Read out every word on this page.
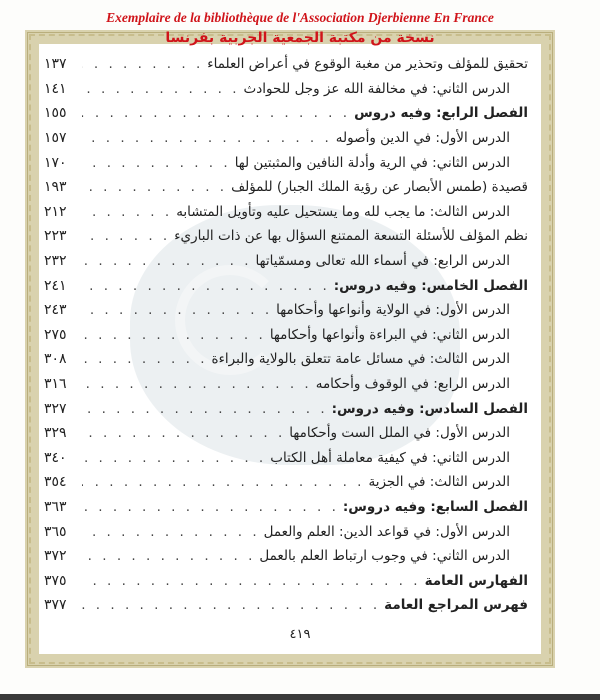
Exemplaire de la bibliothèque de l'Association Djerbienne En France
نسخة من مكتبة الجمعية الجربية بفرنسا
تحقيق للمؤلف وتحذير من مغبة الوقوع في أعراض العلماء
. . .
١٣٧
الدرس الثاني: في مخالفة الله عز وجل للحوادث
. . .
١٤١
الفصل الرابع: وفيه دروس
. . .
١٥٥
الدرس الأول: في الدين وأصوله
. . .
١٥٧
الدرس الثاني: في الرية وأدلة النافين والمثبتين لها
. . .
١٧٠
قصيدة (طمس الأبصار عن رؤية الملك الجبار) للمؤلف
. . .
١٩٣
الدرس الثالث: ما يجب لله وما يستحيل عليه وتأويل المتشابه
. . .
٢١٢
نظم المؤلف للأسئلة التسعة الممتنع السؤال بها عن ذات الباريء
. . .
٢٢٣
الدرس الرابع: في أسماء الله تعالى ومسمّياتها
. . .
٢٣٢
الفصل الخامس: وفيه دروس:
. . .
٢٤١
الدرس الأول: في الولاية وأنواعها وأحكامها
. . .
٢٤٣
الدرس الثاني: في البراءة وأنواعها وأحكامها
. . .
٢٧٥
الدرس الثالث: في مسائل عامة تتعلق بالولاية والبراءة
. . .
٣٠٨
الدرس الرابع: في الوقوف وأحكامه
. . .
٣١٦
الفصل السادس: وفيه دروس:
. . .
٣٢٧
الدرس الأول: في الملل الست وأحكامها
. . .
٣٢٩
الدرس الثاني: في كيفية معاملة أهل الكتاب
. . .
٣٤٠
الدرس الثالث: في الجزية
. . .
٣٥٤
الفصل السابع: وفيه دروس:
. . .
٣٦٣
الدرس الأول: في قواعد الدين: العلم والعمل
. . .
٣٦٥
الدرس الثاني: في وجوب ارتباط العلم بالعمل
. . .
٣٧٢
الفهارس العامة
. . .
٣٧٥
فهرس المراجع العامة
. . .
٣٧٧
٤١٩
